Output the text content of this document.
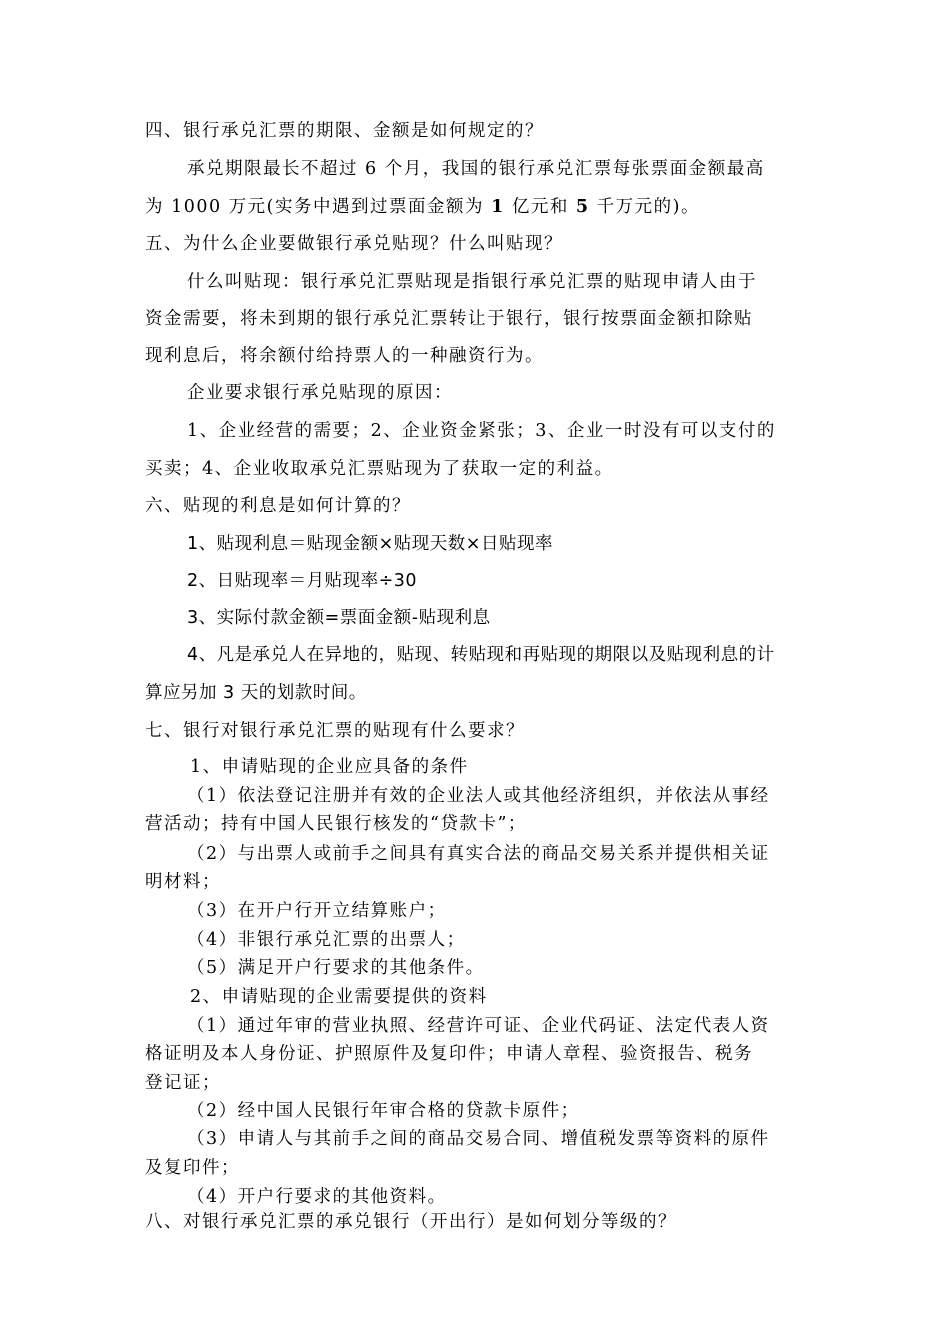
四、银行承兑汇票的期限、金额是如何规定的？
承兑期限最长不超过 6 个月，我国的银行承兑汇票每张票面金额最高
为 1000 万元(实务中遇到过票面金额为 1 亿元和 5 千万元的)。
五、为什么企业要做银行承兑贴现？什么叫贴现？
什么叫贴现：银行承兑汇票贴现是指银行承兑汇票的贴现申请人由于
资金需要，将未到期的银行承兑汇票转让于银行，银行按票面金额扣除贴
现利息后，将余额付给持票人的一种融资行为。
企业要求银行承兑贴现的原因：
1、企业经营的需要；2、企业资金紧张；3、企业一时没有可以支付的
买卖；4、企业收取承兑汇票贴现为了获取一定的利益。
六、贴现的利息是如何计算的？
1、贴现利息＝贴现金额×贴现天数×日贴现率
2、日贴现率＝月贴现率÷30
3、实际付款金额=票面金额-贴现利息
4、凡是承兑人在异地的，贴现、转贴现和再贴现的期限以及贴现利息的计
算应另加 3 天的划款时间。
七、银行对银行承兑汇票的贴现有什么要求？
1、申请贴现的企业应具备的条件
（1）依法登记注册并有效的企业法人或其他经济组织，并依法从事经
营活动；持有中国人民银行核发的“贷款卡”；
（2）与出票人或前手之间具有真实合法的商品交易关系并提供相关证
明材料；
（3）在开户行开立结算账户；
（4）非银行承兑汇票的出票人；
（5）满足开户行要求的其他条件。
2、申请贴现的企业需要提供的资料
（1）通过年审的营业执照、经营许可证、企业代码证、法定代表人资
格证明及本人身份证、护照原件及复印件；申请人章程、验资报告、税务
登记证；
（2）经中国人民银行年审合格的贷款卡原件；
（3）申请人与其前手之间的商品交易合同、增值税发票等资料的原件
及复印件；
（4）开户行要求的其他资料。
八、对银行承兑汇票的承兑银行（开出行）是如何划分等级的？
